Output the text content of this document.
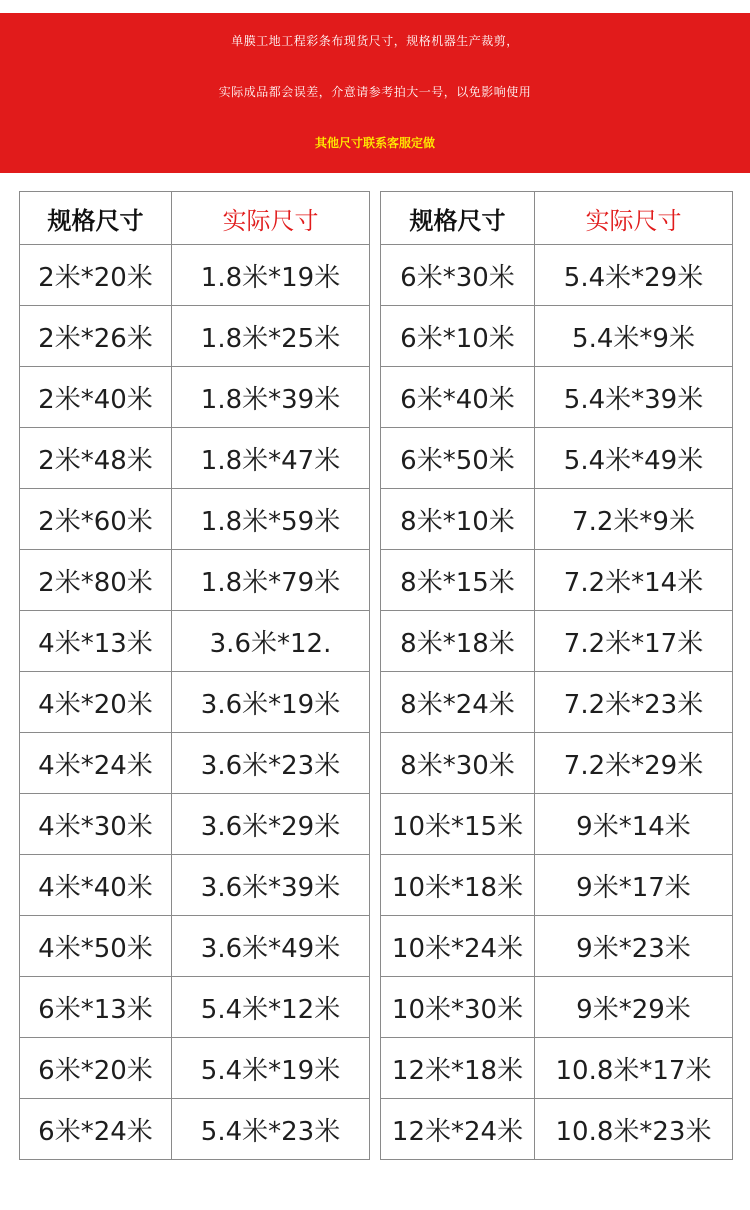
单膜工地工程彩条布现货尺寸，规格机器生产裁剪，
实际成品都会误差，介意请参考拍大一号，以免影响使用
其他尺寸联系客服定做
规格尺寸	实际尺寸
2米*20米	1.8米*19米
2米*26米	1.8米*25米
2米*40米	1.8米*39米
2米*48米	1.8米*47米
2米*60米	1.8米*59米
2米*80米	1.8米*79米
4米*13米	3.6米*12.
4米*20米	3.6米*19米
4米*24米	3.6米*23米
4米*30米	3.6米*29米
4米*40米	3.6米*39米
4米*50米	3.6米*49米
6米*13米	5.4米*12米
6米*20米	5.4米*19米
6米*24米	5.4米*23米
规格尺寸	实际尺寸
6米*30米	5.4米*29米
6米*10米	5.4米*9米
6米*40米	5.4米*39米
6米*50米	5.4米*49米
8米*10米	7.2米*9米
8米*15米	7.2米*14米
8米*18米	7.2米*17米
8米*24米	7.2米*23米
8米*30米	7.2米*29米
10米*15米	9米*14米
10米*18米	9米*17米
10米*24米	9米*23米
10米*30米	9米*29米
12米*18米	10.8米*17米
12米*24米	10.8米*23米
